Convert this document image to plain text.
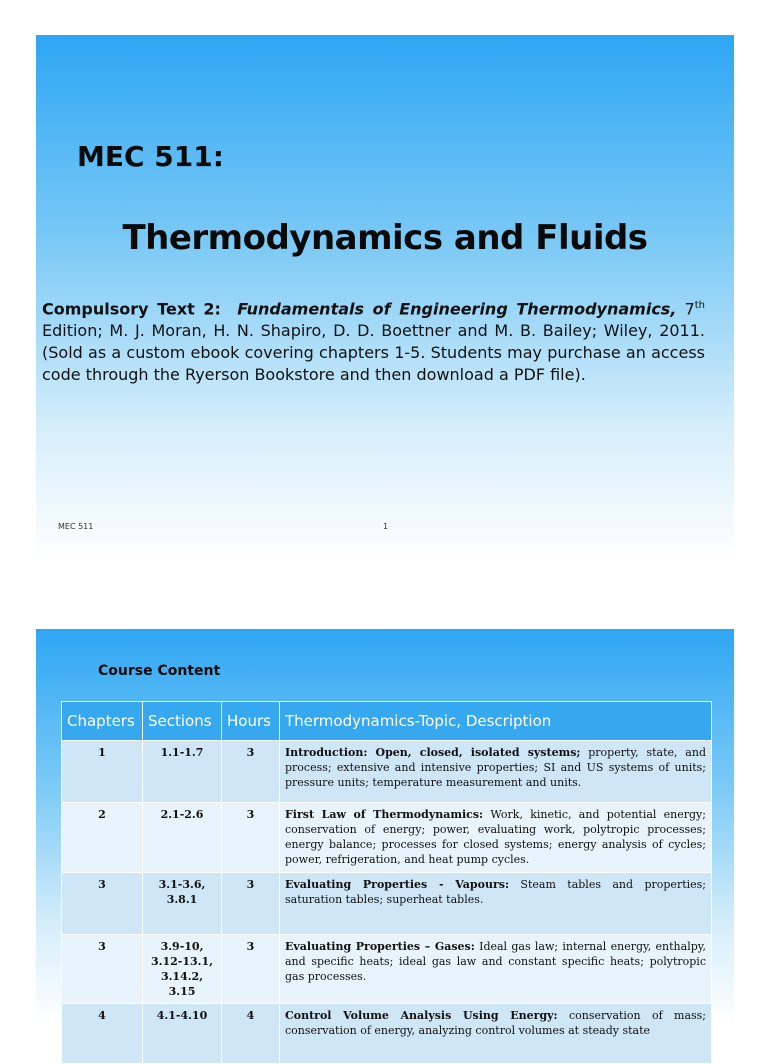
MEC 511:
Thermodynamics and Fluids

Compulsory Text 2: Fundamentals of Engineering Thermodynamics, 7th Edition; M. J. Moran, H. N. Shapiro, D. D. Boettner and M. B. Bailey; Wiley, 2011. (Sold as a custom ebook covering chapters 1-5. Students may purchase an access code through the Ryerson Bookstore and then download a PDF file).

MEC 511	1
Course Content
Chapters	Sections	Hours	Thermodynamics-Topic, Description
1	1.1-1.7	3	Introduction: Open, closed, isolated systems; property, state, and process; extensive and intensive properties; SI and US systems of units; pressure units; temperature measurement and units.
2	2.1-2.6	3	First Law of Thermodynamics: Work, kinetic, and potential energy; conservation of energy; power, evaluating work, polytropic processes; energy balance; processes for closed systems; energy analysis of cycles; power, refrigeration, and heat pump cycles.
3	3.1-3.6, 3.8.1	3	Evaluating Properties - Vapours: Steam tables and properties; saturation tables; superheat tables.
3	3.9-10, 3.12-13.1, 3.14.2, 3.15	3	Evaluating Properties – Gases: Ideal gas law; internal energy, enthalpy, and specific heats; ideal gas law and constant specific heats; polytropic gas processes.
4	4.1-4.10	4	Control Volume Analysis Using Energy: conservation of mass; conservation of energy, analyzing control volumes at steady state
